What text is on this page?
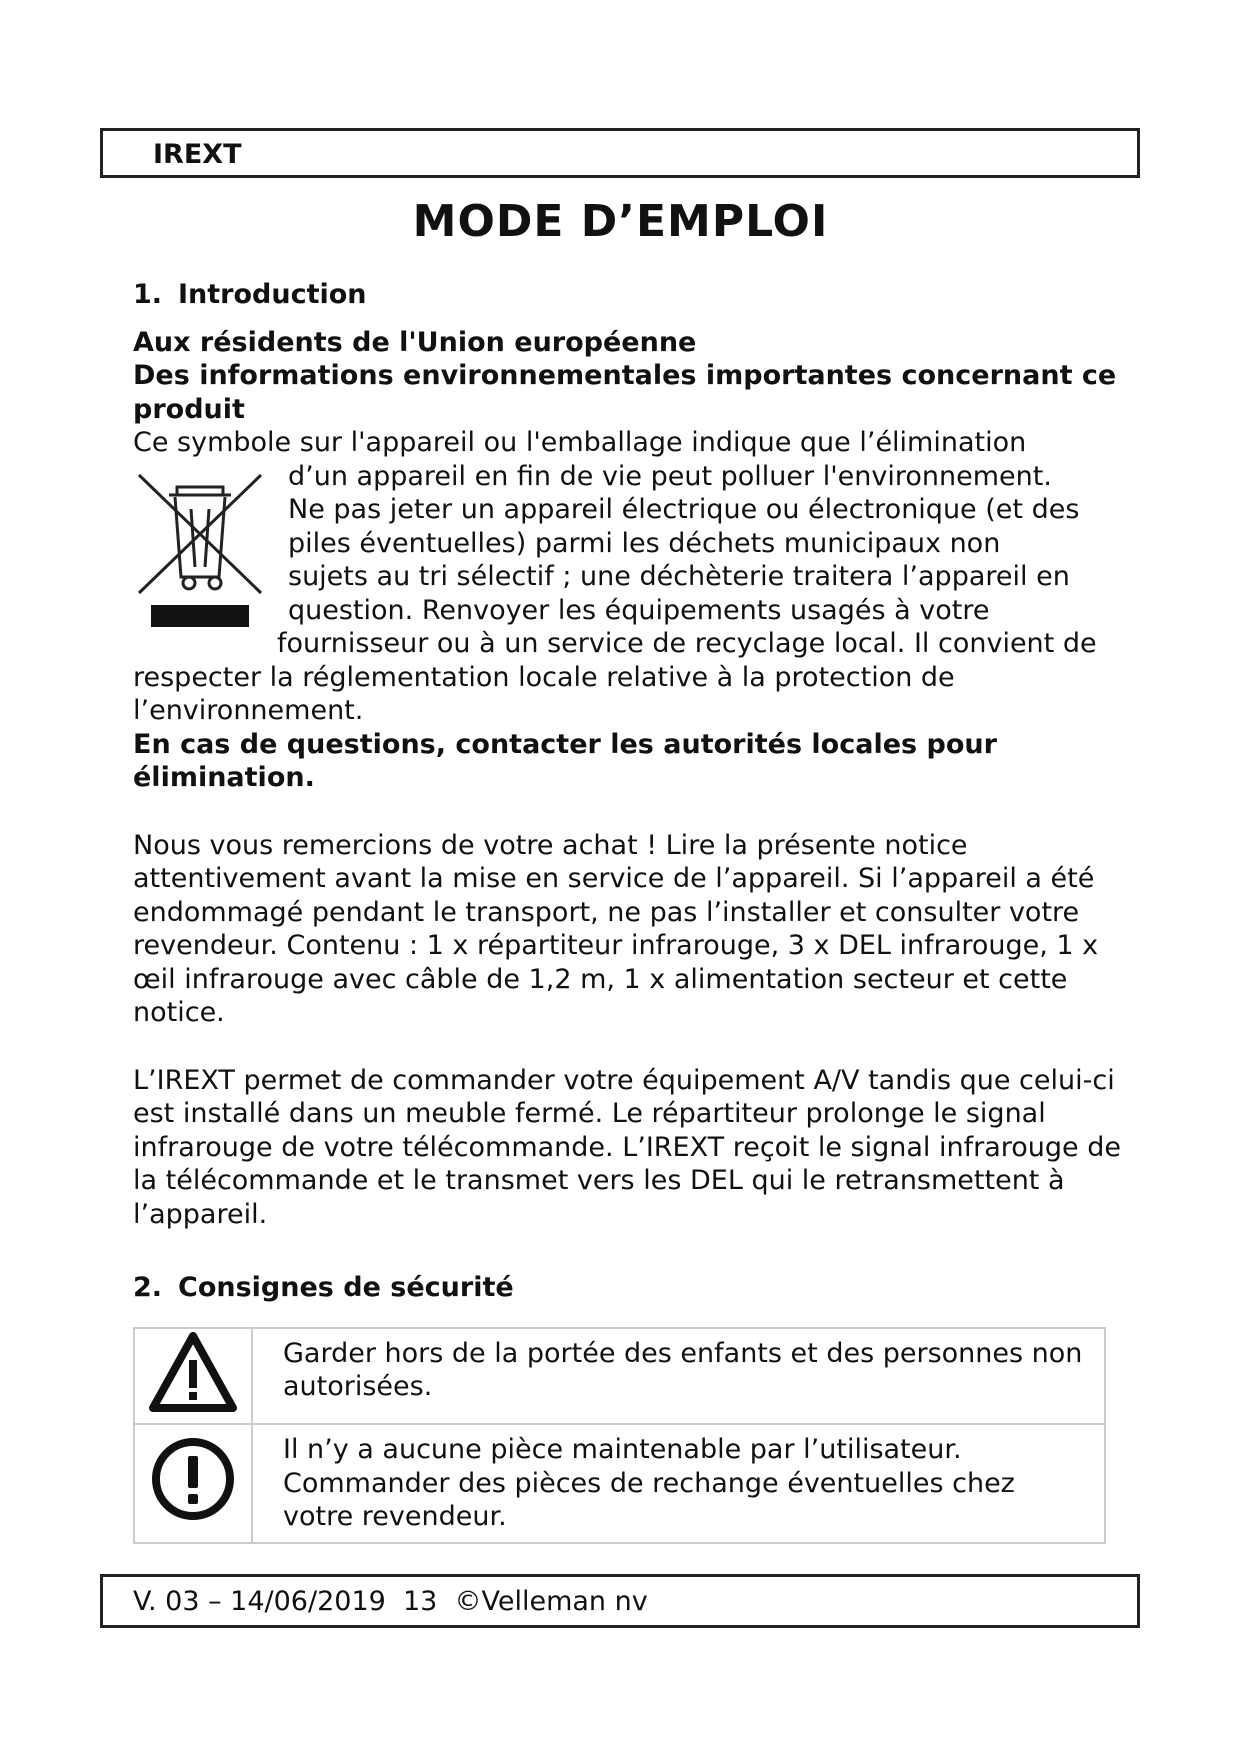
IREXT
MODE D’EMPLOI

1. Introduction

Aux résidents de l'Union européenne

Des informations environnementales importantes concernant ce produit

Ce symbole sur l'appareil ou l'emballage indique que l’élimination

d’un appareil en fin de vie peut polluer l'environnement.

Ne pas jeter un appareil électrique ou électronique (et des

piles éventuelles) parmi les déchets municipaux non

sujets au tri sélectif ; une déchèterie traitera l’appareil en

question. Renvoyer les équipements usagés à votre

fournisseur ou à un service de recyclage local. Il convient de

respecter la réglementation locale relative à la protection de

l’environnement.

En cas de questions, contacter les autorités locales pour élimination.

Nous vous remercions de votre achat ! Lire la présente notice attentivement avant la mise en service de l’appareil. Si l’appareil a été endommagé pendant le transport, ne pas l’installer et consulter votre revendeur. Contenu : 1 x répartiteur infrarouge, 3 x DEL infrarouge, 1 x œil infrarouge avec câble de 1,2 m, 1 x alimentation secteur et cette notice.

L’IREXT permet de commander votre équipement A/V tandis que celui-ci est installé dans un meuble fermé. Le répartiteur prolonge le signal infrarouge de votre télécommande. L’IREXT reçoit le signal infrarouge de la télécommande et le transmet vers les DEL qui le retransmettent à l’appareil.

2. Consignes de sécurité

	Garder hors de la portée des enfants et des personnes non autorisées.
	Il n’y a aucune pièce maintenable par l’utilisateur. Commander des pièces de rechange éventuelles chez votre revendeur.
V. 03 – 14/06/2019  13  ©Velleman nv
